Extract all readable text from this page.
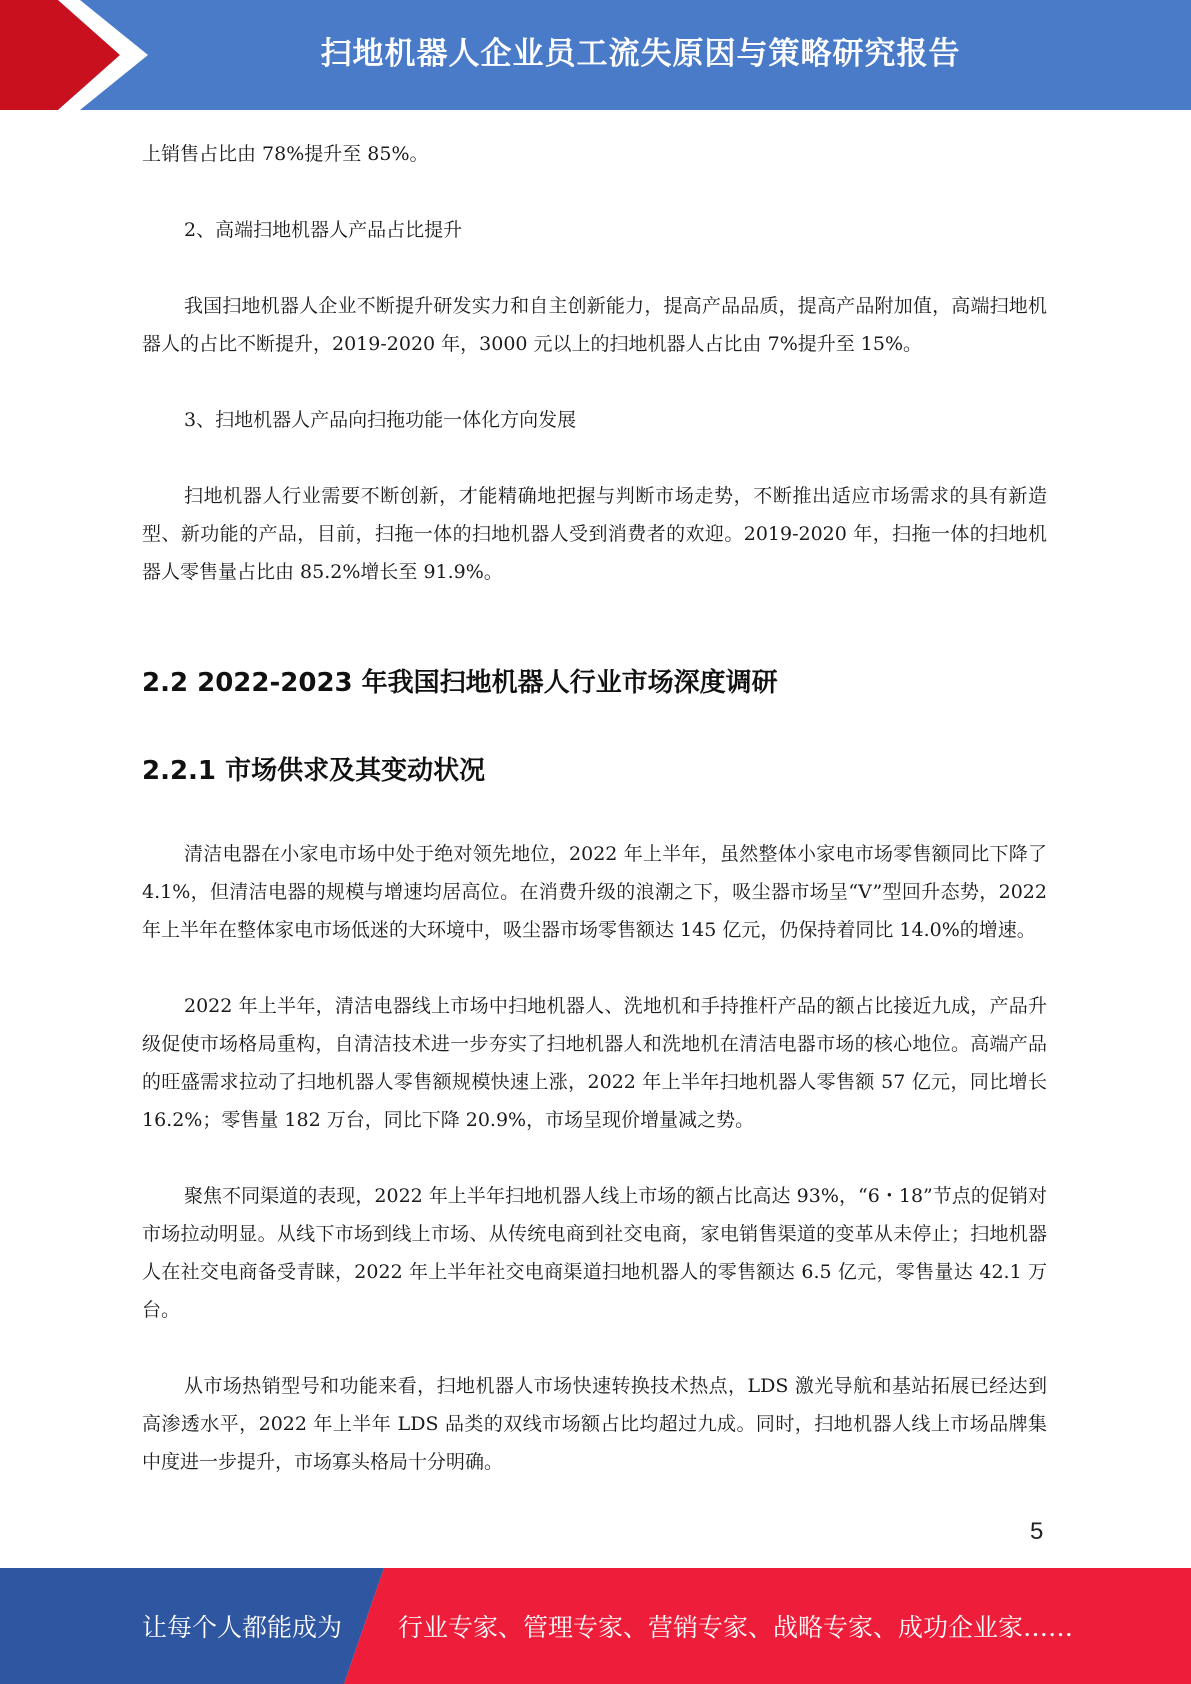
扫地机器人企业员工流失原因与策略研究报告

上销售占比由 78%提升至 85%。

2、高端扫地机器人产品占比提升

我国扫地机器人企业不断提升研发实力和自主创新能力，提高产品品质，提高产品附加值，高端扫地机器人的占比不断提升，2019-2020 年，3000 元以上的扫地机器人占比由 7%提升至 15%。

3、扫地机器人产品向扫拖功能一体化方向发展

扫地机器人行业需要不断创新，才能精确地把握与判断市场走势，不断推出适应市场需求的具有新造型、新功能的产品，目前，扫拖一体的扫地机器人受到消费者的欢迎。2019-2020 年，扫拖一体的扫地机器人零售量占比由 85.2%增长至 91.9%。

2.2 2022-2023 年我国扫地机器人行业市场深度调研
2.2.1 市场供求及其变动状况

清洁电器在小家电市场中处于绝对领先地位，2022 年上半年，虽然整体小家电市场零售额同比下降了 4.1%，但清洁电器的规模与增速均居高位。在消费升级的浪潮之下，吸尘器市场呈“V”型回升态势，2022 年上半年在整体家电市场低迷的大环境中，吸尘器市场零售额达 145 亿元，仍保持着同比 14.0%的增速。

2022 年上半年，清洁电器线上市场中扫地机器人、洗地机和手持推杆产品的额占比接近九成，产品升级促使市场格局重构，自清洁技术进一步夯实了扫地机器人和洗地机在清洁电器市场的核心地位。高端产品的旺盛需求拉动了扫地机器人零售额规模快速上涨，2022 年上半年扫地机器人零售额 57 亿元，同比增长 16.2%；零售量 182 万台，同比下降 20.9%，市场呈现价增量减之势。

聚焦不同渠道的表现，2022 年上半年扫地机器人线上市场的额占比高达 93%，“6・18”节点的促销对市场拉动明显。从线下市场到线上市场、从传统电商到社交电商，家电销售渠道的变革从未停止；扫地机器人在社交电商备受青睐，2022 年上半年社交电商渠道扫地机器人的零售额达 6.5 亿元，零售量达 42.1 万台。

从市场热销型号和功能来看，扫地机器人市场快速转换技术热点，LDS 激光导航和基站拓展已经达到高渗透水平，2022 年上半年 LDS 品类的双线市场额占比均超过九成。同时，扫地机器人线上市场品牌集中度进一步提升，市场寡头格局十分明确。

5
让每个人都能成为 行业专家、管理专家、营销专家、战略专家、成功企业家……
